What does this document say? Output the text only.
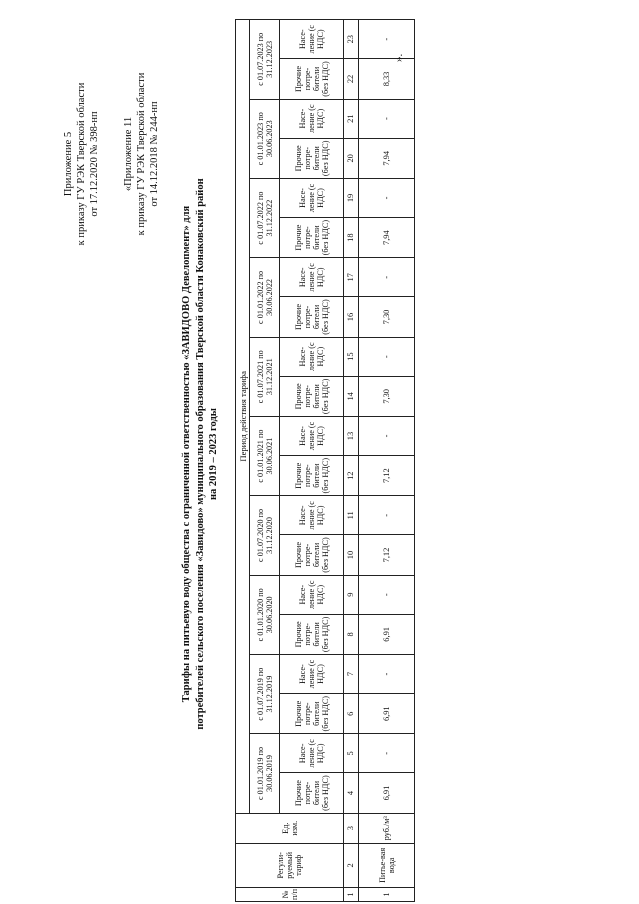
Приложение 5 к приказу ГУ РЭК Тверской области от 17.12.2020 № 398-нп «Приложение 11 к приказу ГУ РЭК Тверской области от 14.12.2018 № 244-нп
Тарифы на питьевую воду общества с ограниченной ответственностью «ЗАВИДОВО Девелопмент» для потребителей сельского поселения «Завидово» муниципального образования Тверской области Конаковский район на 2019 – 2023 годы
№ п/п	Регули-руемый тариф	Ед. изм.	Период действия тарифа																			
			с 01.01.2019 по 30.06.2019		с 01.07.2019 по 31.12.2019		с 01.01.2020 по 30.06.2020		с 01.07.2020 по 31.12.2020		с 01.01.2021 по 30.06.2021		с 01.07.2021 по 31.12.2021		с 01.01.2022 по 30.06.2022		с 01.07.2022 по 31.12.2022		с 01.01.2023 по 30.06.2023		с 01.07.2023 по 31.12.2023	
			Прочие потре-бители (без НДС)	Насе-ление (с НДС)	Прочие потре-бители (без НДС)	Насе-ление (с НДС)	Прочие потре-бители (без НДС)	Насе-ление (с НДС)	Прочие потре-бители (без НДС)	Насе-ление (с НДС)	Прочие потре-бители (без НДС)	Насе-ление (с НДС)	Прочие потре-бители (без НДС)	Насе-ление (с НДС)	Прочие потре-бители (без НДС)	Насе-ление (с НДС)	Прочие потре-бители (без НДС)	Насе-ление (с НДС)	Прочие потре-бители (без НДС)	Насе-ление (с НДС)	Прочие потре-бители (без НДС)	Насе-ление (с НДС)
1	2	3	4	5	6	7	8	9	10	11	12	13	14	15	16	17	18	19	20	21	22	23
1	Питье-вая вода	руб./м³	6,91	-	6,91	-	6,91	-	7,12	-	7,12	-	7,30	-	7,30	-	7,94	-	7,94	-	8,33	-
».
